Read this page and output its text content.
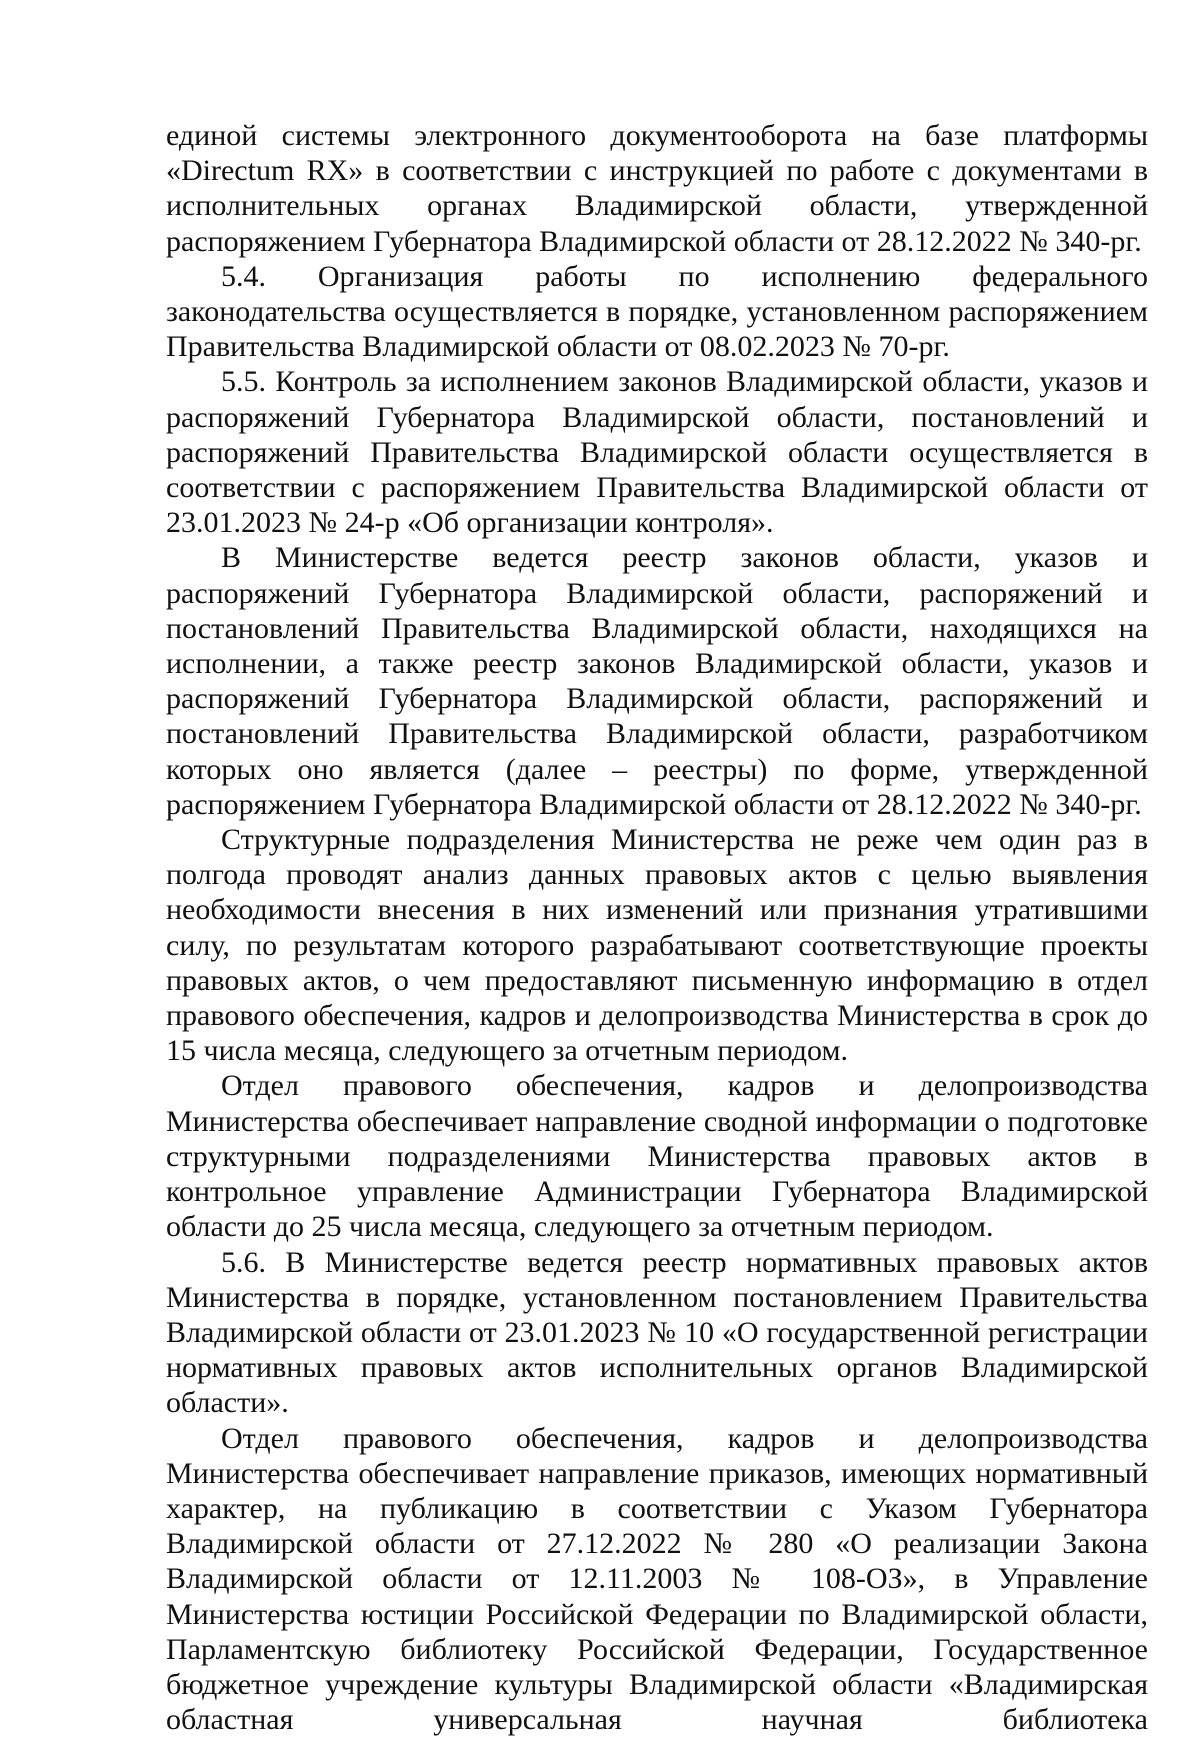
единой системы электронного документооборота на базе платформы «Directum RX» в соответствии с инструкцией по работе с документами в исполнительных органах Владимирской области, утвержденной распоряжением Губернатора Владимирской области от 28.12.2022 № 340-рг.

5.4. Организация работы по исполнению федерального законодательства осуществляется в порядке, установленном распоряжением Правительства Владимирской области от 08.02.2023 № 70-рг.

5.5. Контроль за исполнением законов Владимирской области, указов и распоряжений Губернатора Владимирской области, постановлений и распоряжений Правительства Владимирской области осуществляется в соответствии с распоряжением Правительства Владимирской области от 23.01.2023 № 24-р «Об организации контроля».

В Министерстве ведется реестр законов области, указов и распоряжений Губернатора Владимирской области, распоряжений и постановлений Правительства Владимирской области, находящихся на исполнении, а также реестр законов Владимирской области, указов и распоряжений Губернатора Владимирской области, распоряжений и постановлений Правительства Владимирской области, разработчиком которых оно является (далее – реестры) по форме, утвержденной распоряжением Губернатора Владимирской области от 28.12.2022 № 340-рг.

Структурные подразделения Министерства не реже чем один раз в полгода проводят анализ данных правовых актов с целью выявления необходимости внесения в них изменений или признания утратившими силу, по результатам которого разрабатывают соответствующие проекты правовых актов, о чем предоставляют письменную информацию в отдел правового обеспечения, кадров и делопроизводства Министерства в срок до 15 числа месяца, следующего за отчетным периодом.

Отдел правового обеспечения, кадров и делопроизводства Министерства обеспечивает направление сводной информации о подготовке структурными подразделениями Министерства правовых актов в контрольное управление Администрации Губернатора Владимирской области до 25 числа месяца, следующего за отчетным периодом.

5.6. В Министерстве ведется реестр нормативных правовых актов Министерства в порядке, установленном постановлением Правительства Владимирской области от 23.01.2023 № 10 «О государственной регистрации нормативных правовых актов исполнительных органов Владимирской области».

Отдел правового обеспечения, кадров и делопроизводства Министерства обеспечивает направление приказов, имеющих нормативный характер, на публикацию в соответствии с Указом Губернатора Владимирской области от 27.12.2022 № 280 «О реализации Закона Владимирской области от 12.11.2003 № 108-ОЗ», в Управление Министерства юстиции Российской Федерации по Владимирской области, Парламентскую библиотеку Российской Федерации, Государственное бюджетное учреждение культуры Владимирской области «Владимирская областная универсальная научная библиотека
